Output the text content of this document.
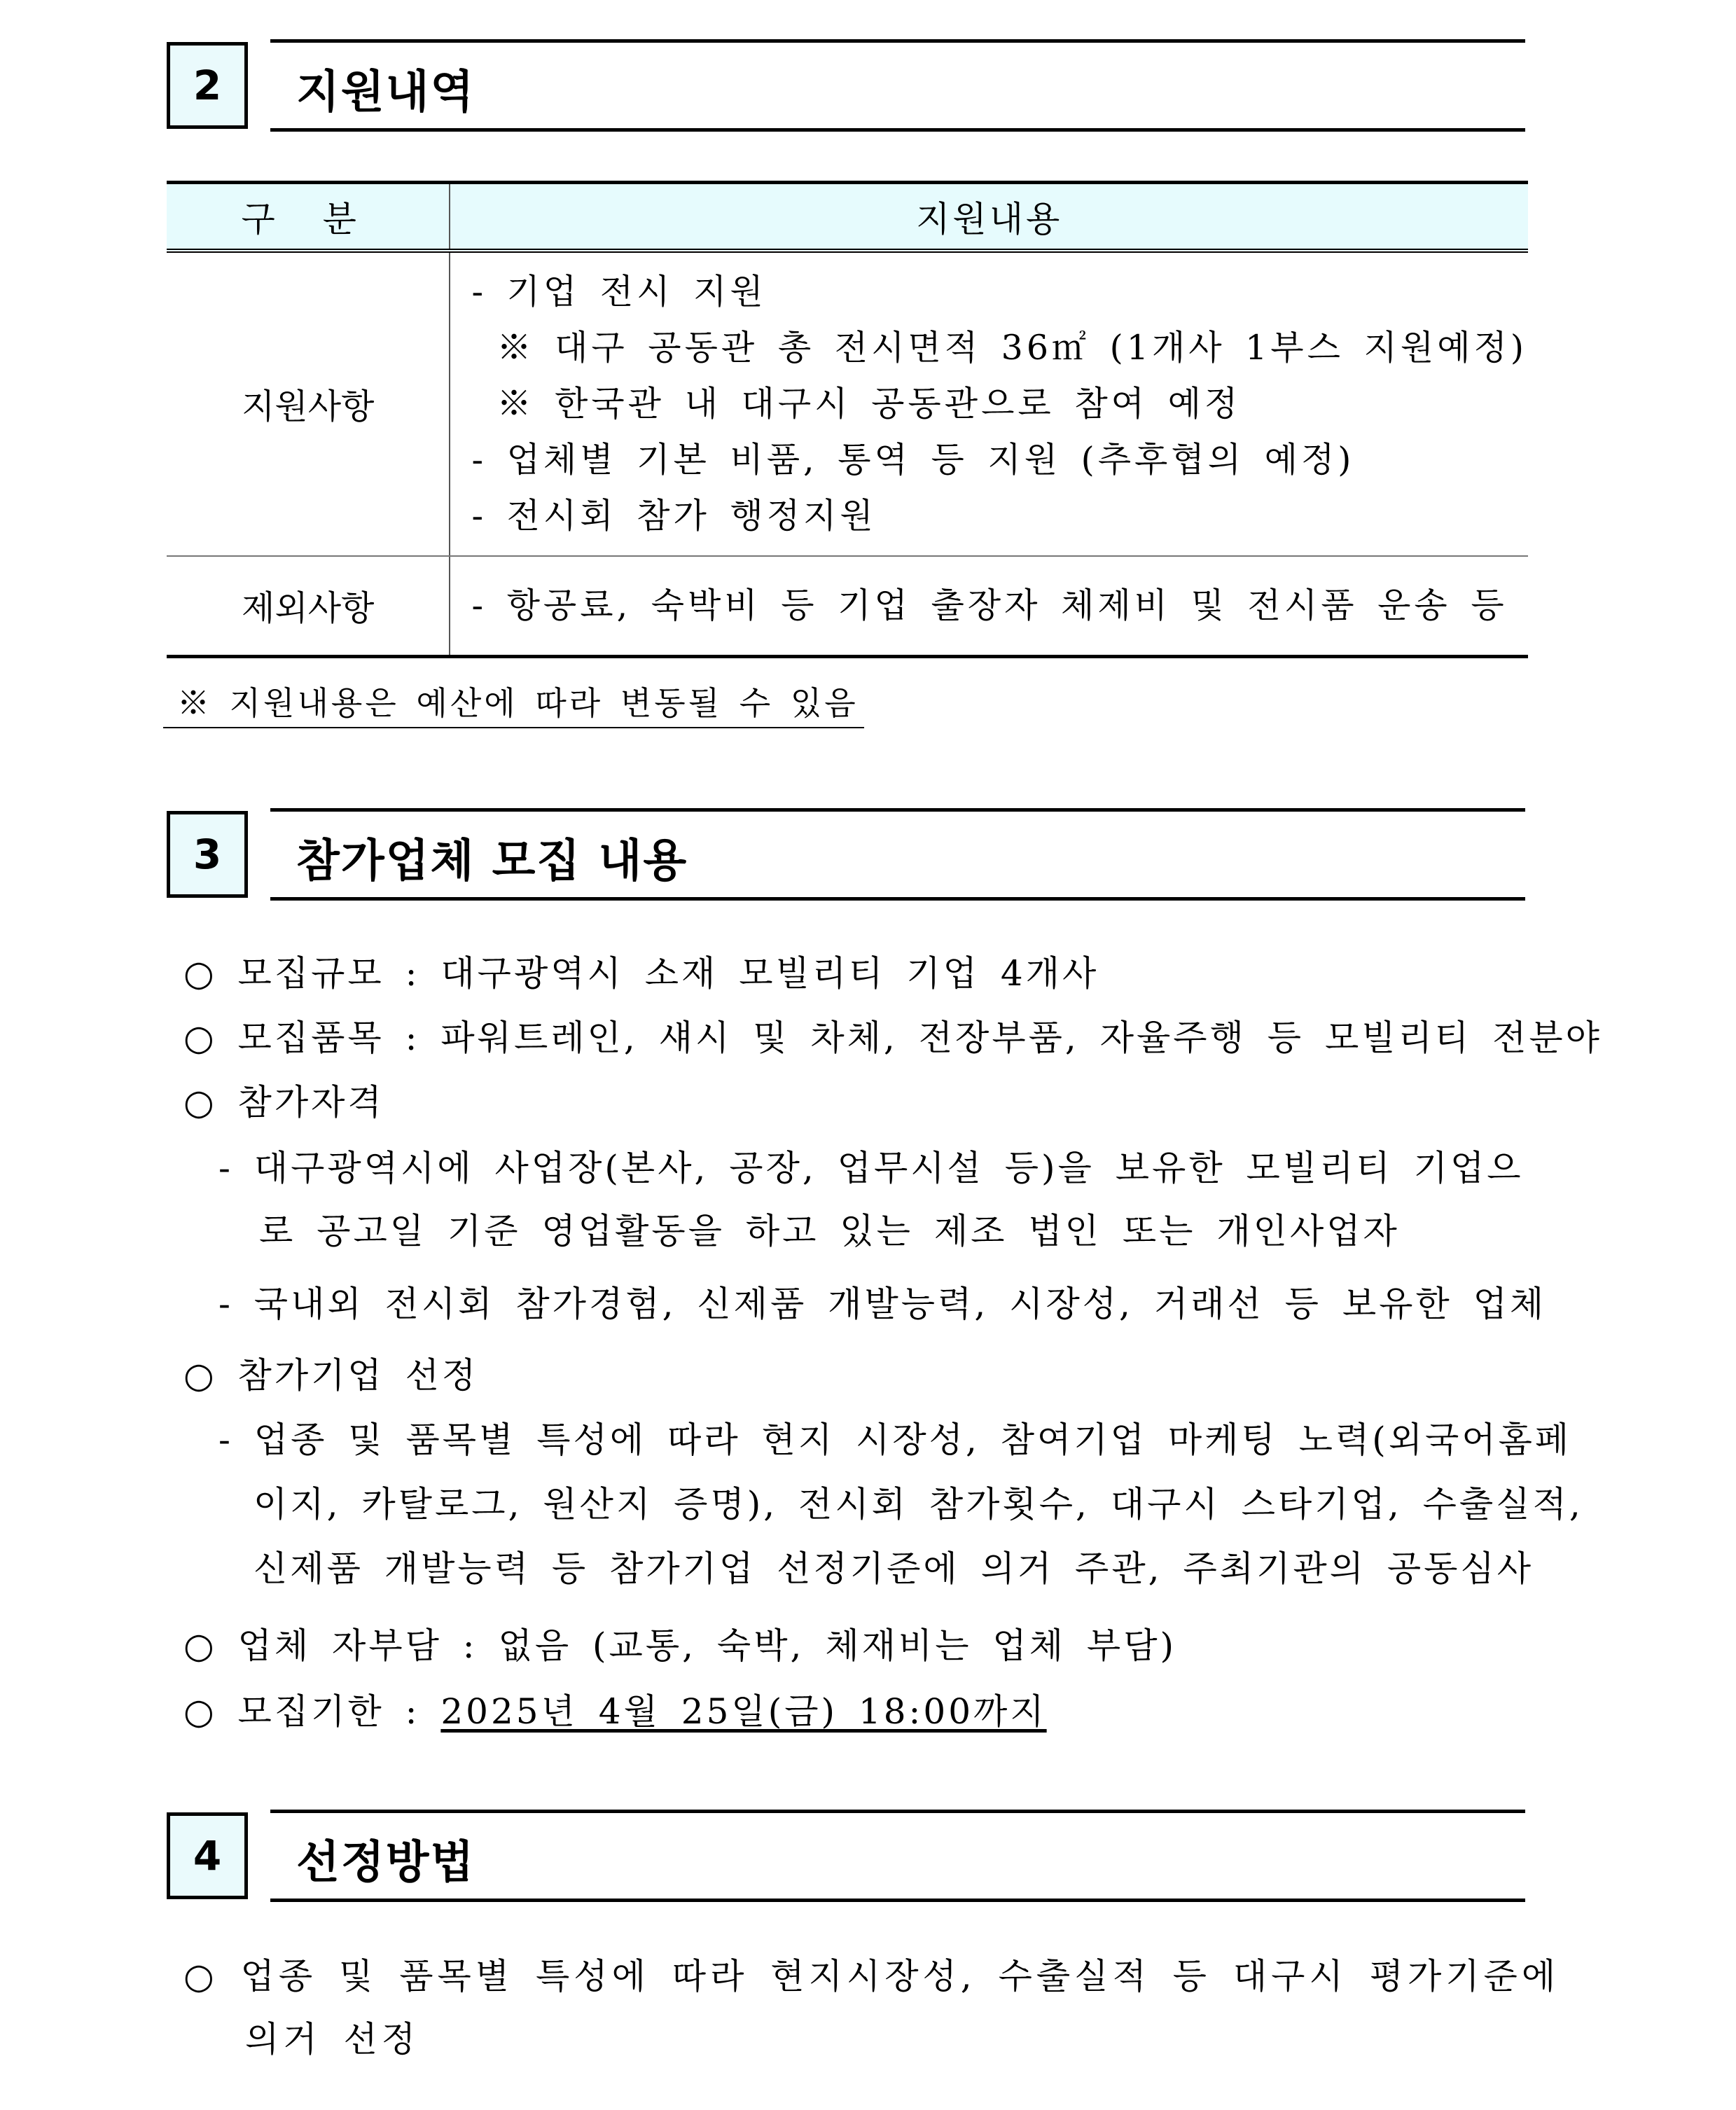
2	지원내역
구 분	지원내용
지원사항	- 기업 전시 지원
※ 대구 공동관 총 전시면적 36㎡ (1개사 1부스 지원예정)
※ 한국관 내 대구시 공동관으로 참여 예정
- 업체별 기본 비품, 통역 등 지원 (추후협의 예정)
- 전시회 참가 행정지원

제외사항	- 항공료, 숙박비 등 기업 출장자 체제비 및 전시품 운송 등
※ 지원내용은 예산에 따라 변동될 수 있음
3	참가업체 모집 내용
○ 모집규모 : 대구광역시 소재 모빌리티 기업 4개사
○ 모집품목 : 파워트레인, 섀시 및 차체, 전장부품, 자율주행 등 모빌리티 전분야
○ 참가자격
- 대구광역시에 사업장(본사, 공장, 업무시설 등)을 보유한 모빌리티 기업으
로 공고일 기준 영업활동을 하고 있는 제조 법인 또는 개인사업자
- 국내외 전시회 참가경험, 신제품 개발능력, 시장성, 거래선 등 보유한 업체
○ 참가기업 선정
- 업종 및 품목별 특성에 따라 현지 시장성, 참여기업 마케팅 노력(외국어홈페
이지, 카탈로그, 원산지 증명), 전시회 참가횟수, 대구시 스타기업, 수출실적,
신제품 개발능력 등 참가기업 선정기준에 의거 주관, 주최기관의 공동심사
○ 업체 자부담 : 없음 (교통, 숙박, 체재비는 업체 부담)
○ 모집기한 : 2025년 4월 25일(금) 18:00까지
4	선정방법
○ 업종 및 품목별 특성에 따라 현지시장성, 수출실적 등 대구시 평가기준에
의거 선정
